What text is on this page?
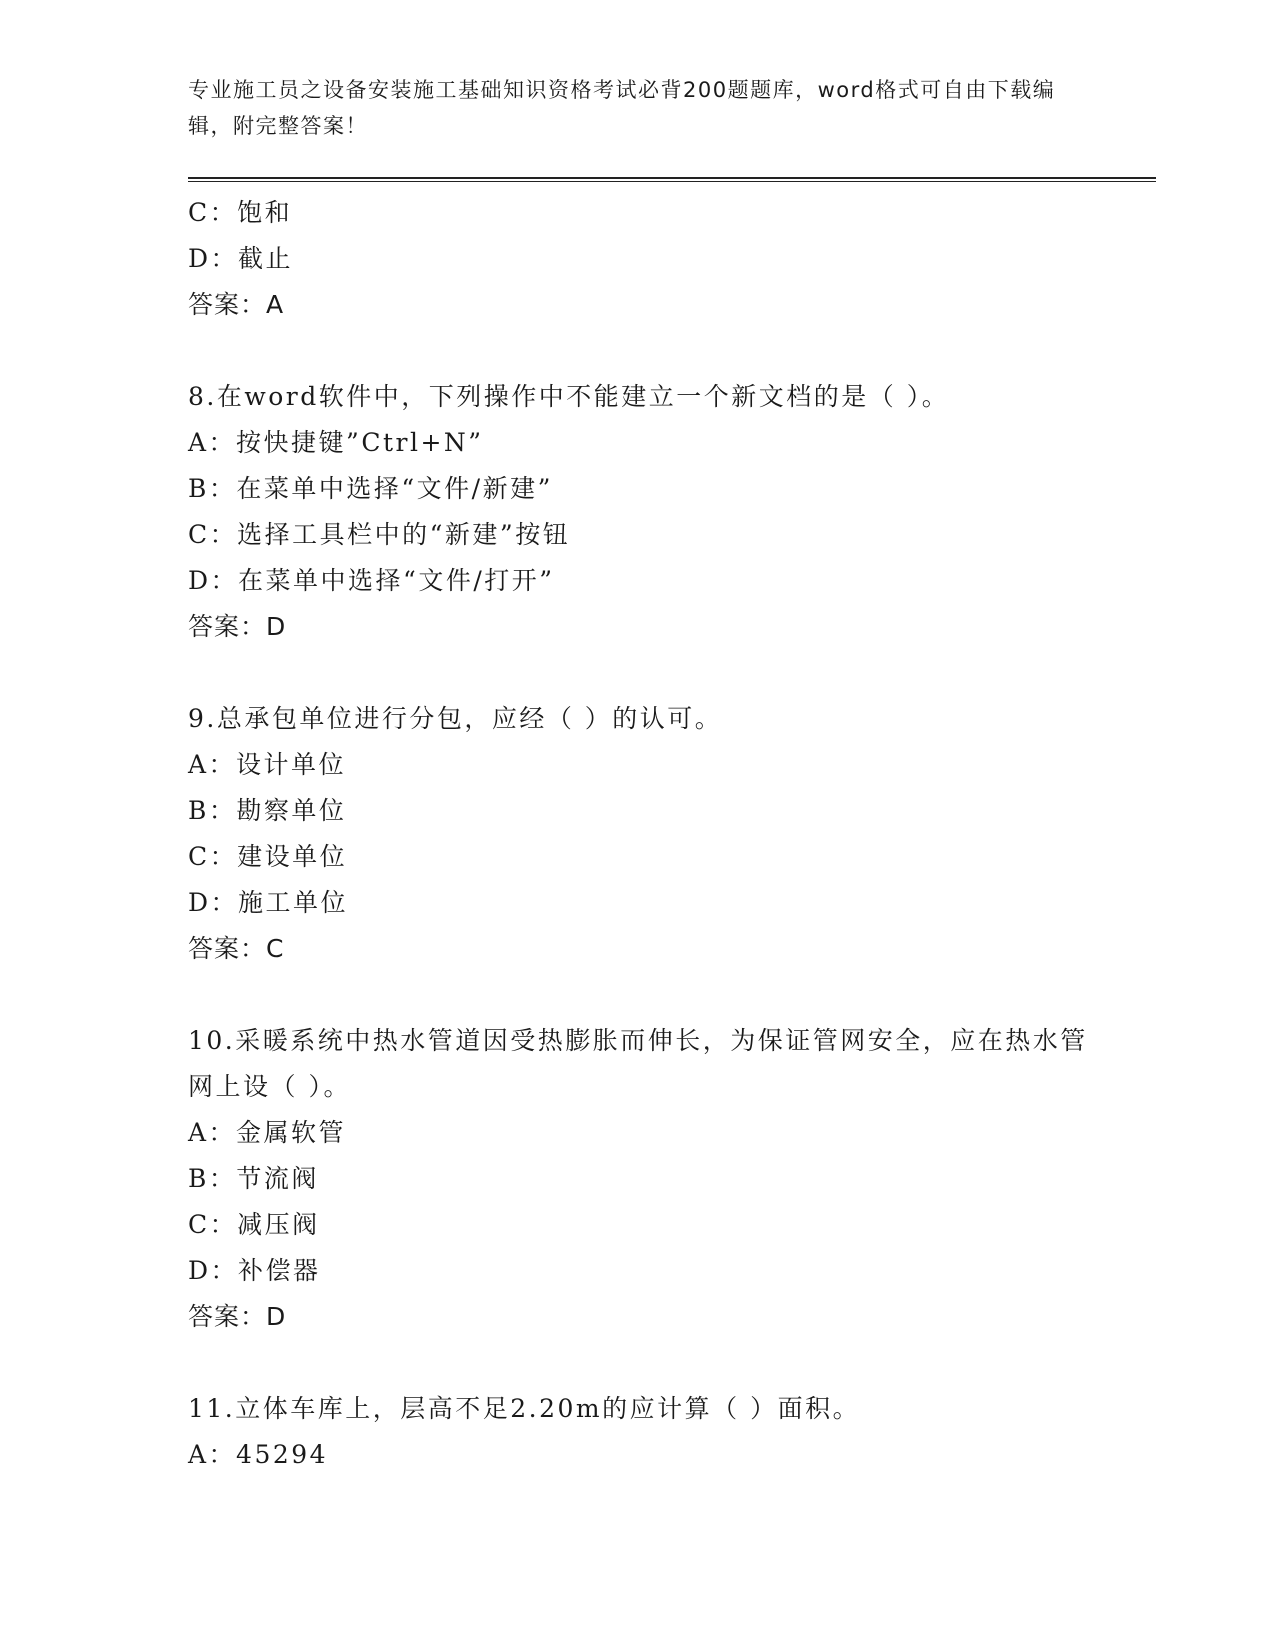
专业施工员之设备安装施工基础知识资格考试必背200题题库，word格式可自由下载编辑，附完整答案！
C：饱和
D：截止
答案：A
8.在word软件中，下列操作中不能建立一个新文档的是（ ）。
A：按快捷键”Ctrl+N”
B：在菜单中选择“文件/新建”
C：选择工具栏中的“新建”按钮
D：在菜单中选择“文件/打开”
答案：D
9.总承包单位进行分包，应经（ ）的认可。
A：设计单位
B：勘察单位
C：建设单位
D：施工单位
答案：C
10.采暖系统中热水管道因受热膨胀而伸长，为保证管网安全，应在热水管网上设（ ）。
A：金属软管
B：节流阀
C：减压阀
D：补偿器
答案：D
11.立体车库上，层高不足2.20m的应计算（ ）面积。
A：45294
